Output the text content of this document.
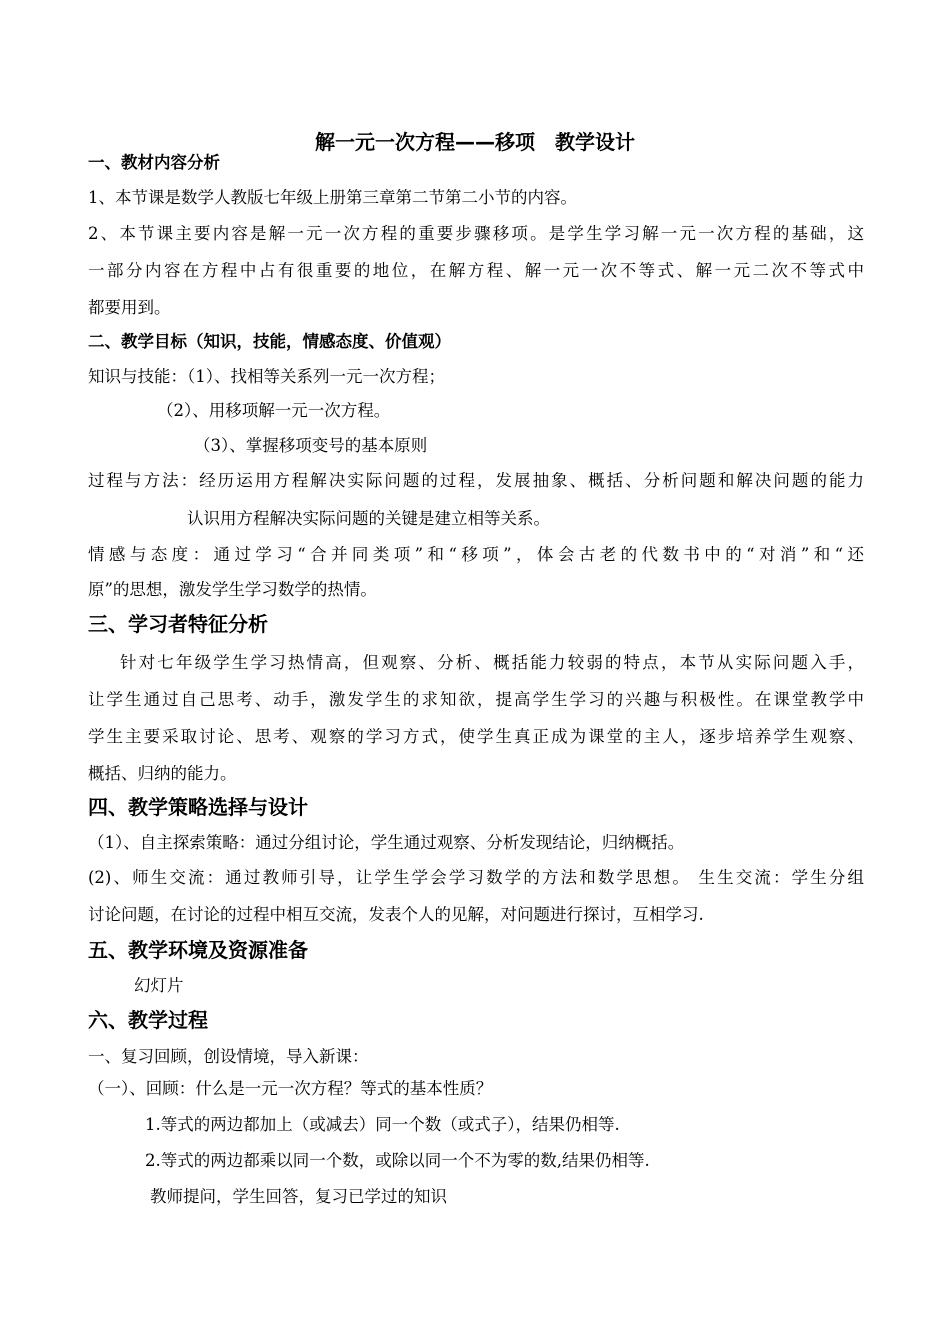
解一元一次方程——移项　教学设计
一、教材内容分析
1、本节课是数学人教版七年级上册第三章第二节第二小节的内容。
2、本节课主要内容是解一元一次方程的重要步骤移项。是学生学习解一元一次方程的基础，这
一部分内容在方程中占有很重要的地位，在解方程、解一元一次不等式、解一元二次不等式中
都要用到。
二、教学目标（知识，技能，情感态度、价值观）
知识与技能：（1）、找相等关系列一元一次方程；
（2）、用移项解一元一次方程。
（3）、掌握移项变号的基本原则
过程与方法：经历运用方程解决实际问题的过程，发展抽象、概括、分析问题和解决问题的能力
认识用方程解决实际问题的关键是建立相等关系。
情感与态度：通过学习“合并同类项”和“移项”，体会古老的代数书中的“对消”和“还
原”的思想，激发学生学习数学的热情。
三、学习者特征分析
针对七年级学生学习热情高，但观察、分析、概括能力较弱的特点，本节从实际问题入手，
让学生通过自己思考、动手，激发学生的求知欲，提高学生学习的兴趣与积极性。在课堂教学中
学生主要采取讨论、思考、观察的学习方式，使学生真正成为课堂的主人，逐步培养学生观察、
概括、归纳的能力。
四、教学策略选择与设计
（1）、自主探索策略：通过分组讨论，学生通过观察、分析发现结论，归纳概括。
(2)、师生交流：通过教师引导，让学生学会学习数学的方法和数学思想。 生生交流：学生分组
讨论问题，在讨论的过程中相互交流，发表个人的见解，对问题进行探讨，互相学习.
五、教学环境及资源准备
幻灯片
六、教学过程
一、复习回顾，创设情境，导入新课：
（一）、回顾：什么是一元一次方程？等式的基本性质？
1.等式的两边都加上（或减去）同一个数（或式子），结果仍相等.
2.等式的两边都乘以同一个数，或除以同一个不为零的数,结果仍相等.
教师提问，学生回答，复习已学过的知识
